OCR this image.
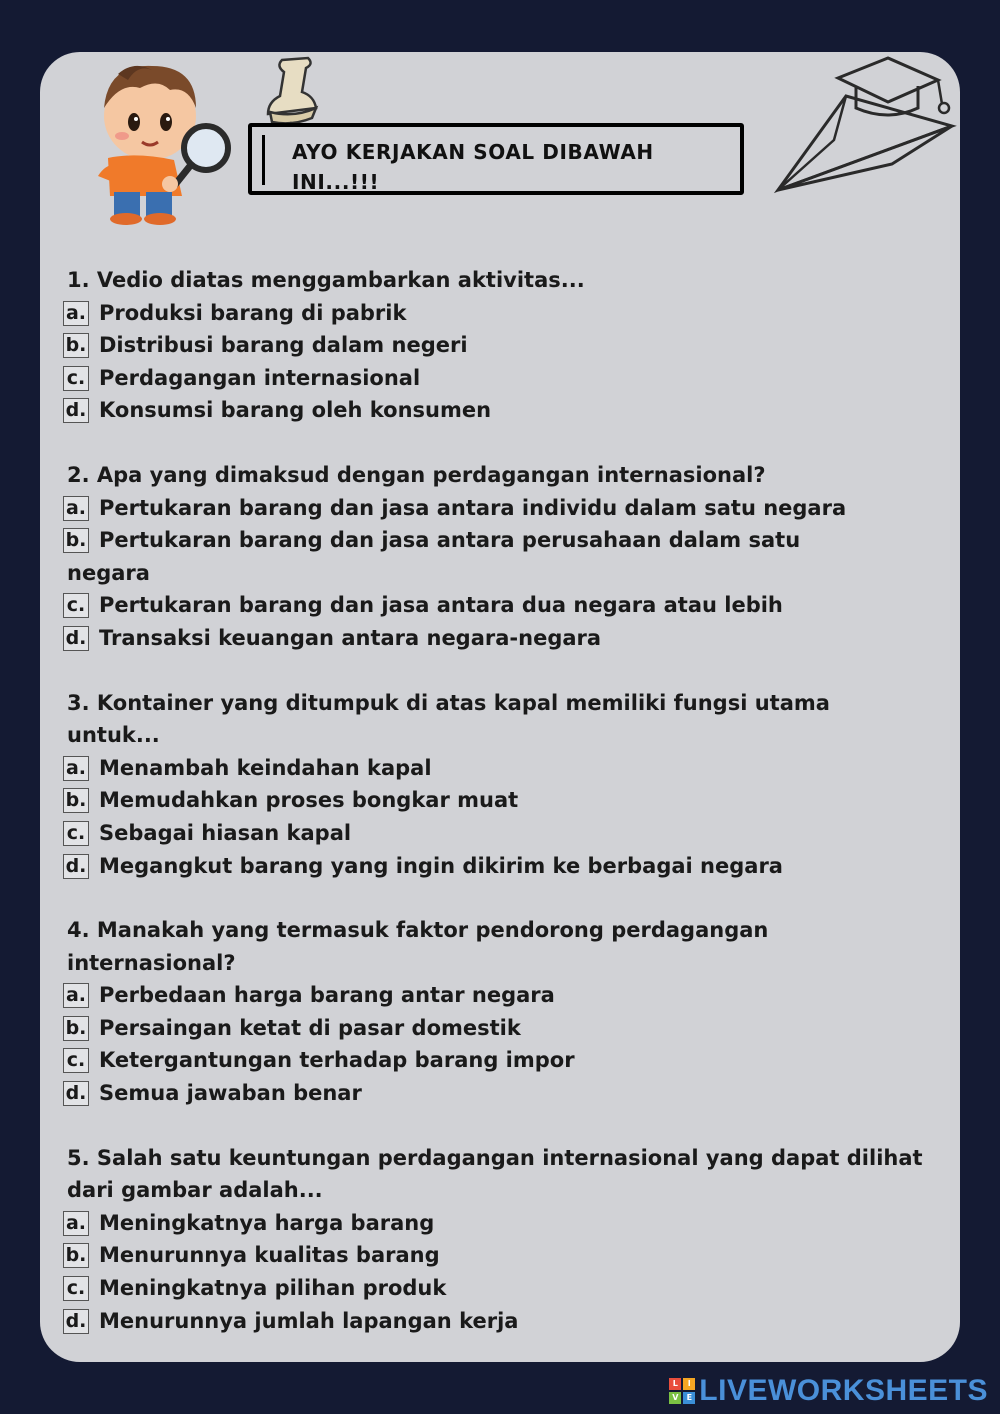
AYO KERJAKAN SOAL DIBAWAH INI...!!!
1. Vedio diatas menggambarkan aktivitas...
a. Produksi barang di pabrik
b. Distribusi barang dalam negeri
c. Perdagangan internasional
d. Konsumsi barang oleh konsumen
2. Apa yang dimaksud dengan perdagangan internasional?
a. Pertukaran barang dan jasa antara individu dalam satu negara
b. Pertukaran barang dan jasa antara perusahaan dalam satu
negara
c. Pertukaran barang dan jasa antara dua negara atau lebih
d. Transaksi keuangan antara negara-negara
3. Kontainer yang ditumpuk di atas kapal memiliki fungsi utama untuk...
a. Menambah keindahan kapal
b. Memudahkan proses bongkar muat
c. Sebagai hiasan kapal
d. Megangkut barang yang ingin dikirim ke berbagai negara
4. Manakah yang termasuk faktor pendorong perdagangan internasional?
a. Perbedaan harga barang antar negara
b. Persaingan ketat di pasar domestik
c. Ketergantungan terhadap barang impor
d. Semua jawaban benar
5. Salah satu keuntungan perdagangan internasional yang dapat dilihat dari gambar adalah...
a. Meningkatnya harga barang
b. Menurunnya kualitas barang
c. Meningkatnya pilihan produk
d. Menurunnya jumlah lapangan kerja
L	I
V	E LIVEWORKSHEETS
